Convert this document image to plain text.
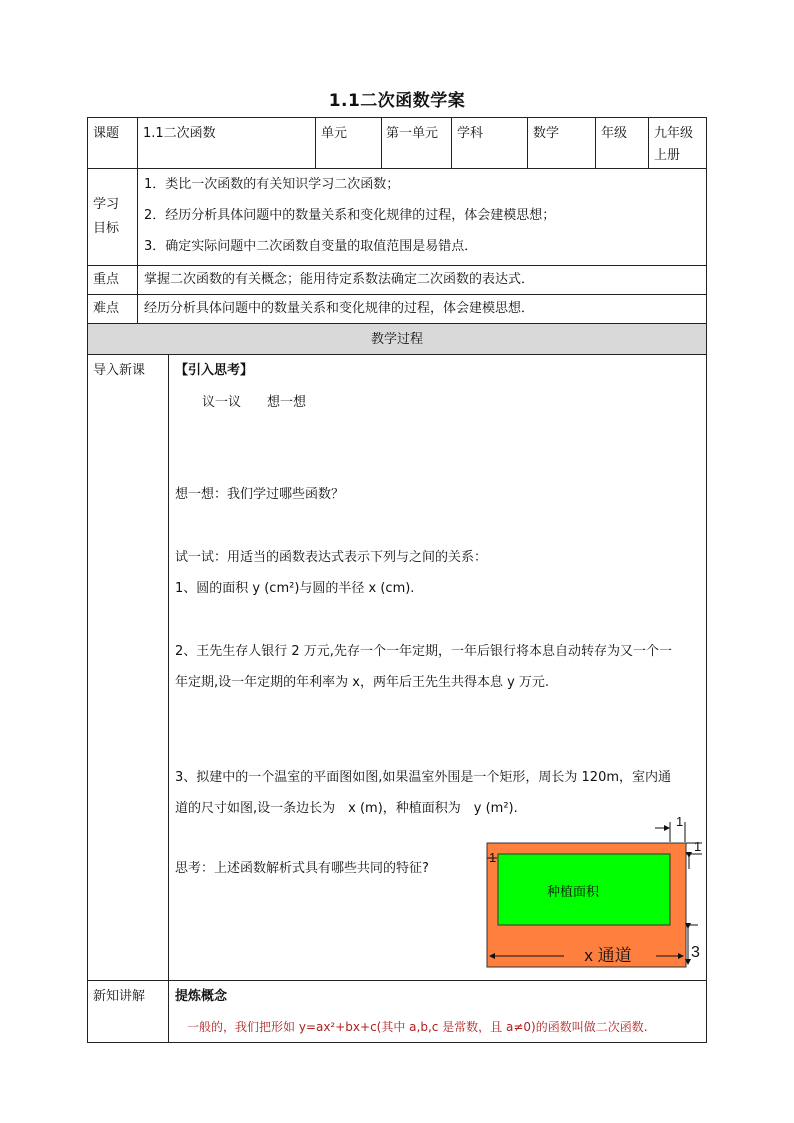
1.1二次函数学案
课题 1.1二次函数	单元	第一单元 学科	数学	年级 九年级
上册
学习
目标
1．类比一次函数的有关知识学习二次函数；
2．经历分析具体问题中的数量关系和变化规律的过程，体会建模思想；
3．确定实际问题中二次函数自变量的取值范围是易错点．
重点 掌握二次函数的有关概念；能用待定系数法确定二次函数的表达式．
难点 经历分析具体问题中的数量关系和变化规律的过程，体会建模思想．
教学过程
导入新课 【引入思考】
议一议　　想一想
想一想：我们学过哪些函数？
试一试：用适当的函数表达式表示下列与之间的关系：
1、圆的面积 y (cm²)与圆的半径 x (cm).
2、王先生存人银行 2 万元,先存一个一年定期，一年后银行将本息自动转存为又一个一
年定期,设一年定期的年利率为 x，两年后王先生共得本息 y 万元.
3、拟建中的一个温室的平面图如图,如果温室外围是一个矩形，周长为 120m，室内通
道的尺寸如图,设一条边长为　x (m)，种植面积为　y (m²).
思考：上述函数解析式具有哪些共同的特征?
种植面积
x 通道
1
1
1
3
新知讲解 提炼概念
一般的，我们把形如 y=ax²+bx+c(其中 a,b,c 是常数，且 a≠0)的函数叫做二次函数.
